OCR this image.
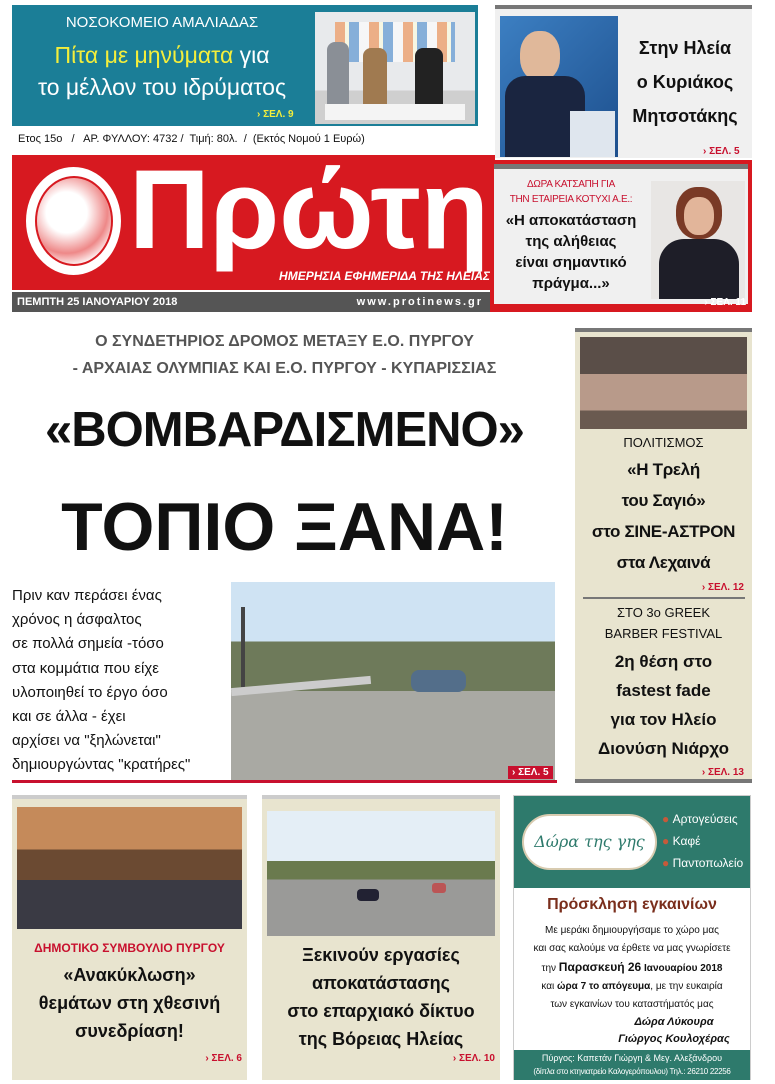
ΝΟΣΟΚΟΜΕΙΟ ΑΜΑΛΙΑΔΑΣ
Πίτα με μηνύματα για
το μέλλον του ιδρύματος
› ΣΕΛ. 9
Ετος 15ο   /   ΑΡ. ΦΥΛΛΟΥ: 4732 /  Τιμή: 80λ.  /  (Εκτός Νομού 1 Ευρώ)
Στην Ηλεία
ο Κυριάκος
Μητσοτάκης
› ΣΕΛ. 5
Πρώτη
ΗΜΕΡΗΣΙΑ ΕΦΗΜΕΡΙΔΑ ΤΗΣ ΗΛΕΙΑΣ
ΠΕΜΠΤΗ 25 ΙΑΝΟΥΑΡΙΟΥ 2018	www.protinews.gr
ΔΩΡΑ ΚΑΤΣΑΠΗ ΓΙΑ
ΤΗΝ ΕΤΑΙΡΕΙΑ ΚΟΤΥΧΙ Α.Ε.:
«Η αποκατάσταση
της αλήθειας
είναι σημαντικό
πράγμα...»
› ΣΕΛ. 11
Ο ΣΥΝΔΕΤΗΡΙΟΣ ΔΡΟΜΟΣ ΜΕΤΑΞΥ Ε.Ο. ΠΥΡΓΟΥ
- ΑΡΧΑΙΑΣ ΟΛΥΜΠΙΑΣ ΚΑΙ Ε.Ο. ΠΥΡΓΟΥ - ΚΥΠΑΡΙΣΣΙΑΣ
«ΒΟΜΒΑΡΔΙΣΜΕΝΟ»
ΤΟΠΙΟ ΞΑΝΑ!
Πριν καν περάσει ένας
χρόνος η άσφαλτος
σε πολλά σημεία -τόσο
στα κομμάτια που είχε
υλοποιηθεί το έργο όσο
και σε άλλα - έχει
αρχίσει να "ξηλώνεται"
δημιουργώντας "κρατήρες"	› ΣΕΛ. 5
ΠΟΛΙΤΙΣΜΟΣ
«Η Τρελή
του Σαγιό»
στο ΣΙΝΕ-ΑΣΤΡΟΝ
στα Λεχαινά
› ΣΕΛ. 12
ΣΤΟ 3ο GREEK
BARBER FESTIVAL
2η θέση στο
fastest fade
για τον Ηλείο
Διονύση Νιάρχο
› ΣΕΛ. 13
ΔΗΜΟΤΙΚΟ ΣΥΜΒΟΥΛΙΟ ΠΥΡΓΟΥ
«Ανακύκλωση»
θεμάτων στη χθεσινή
συνεδρίαση!
› ΣΕΛ. 6
Ξεκινούν εργασίες
αποκατάστασης
στο επαρχιακό δίκτυο
της Βόρειας Ηλείας
› ΣΕΛ. 10
Δώρα της γης
● Αρτογεύσεις
● Καφέ
● Παντοπωλείο
Πρόσκληση εγκαινίων
Με μεράκι δημιουργήσαμε το χώρο μας
και σας καλούμε να έρθετε να μας γνωρίσετε
την Παρασκευή 26 Ιανουαρίου 2018
και ώρα 7 το απόγευμα, με την ευκαιρία
των εγκαινίων του καταστήματός μας
Δώρα Λύκουρα
Γιώργος Κουλοχέρας
Πύργος: Καπετάν Γιώργη & Μεγ. Αλεξάνδρου
(δίπλα στο κτηνιατρείο Καλογερόπουλου) Τηλ.: 26210 22256
